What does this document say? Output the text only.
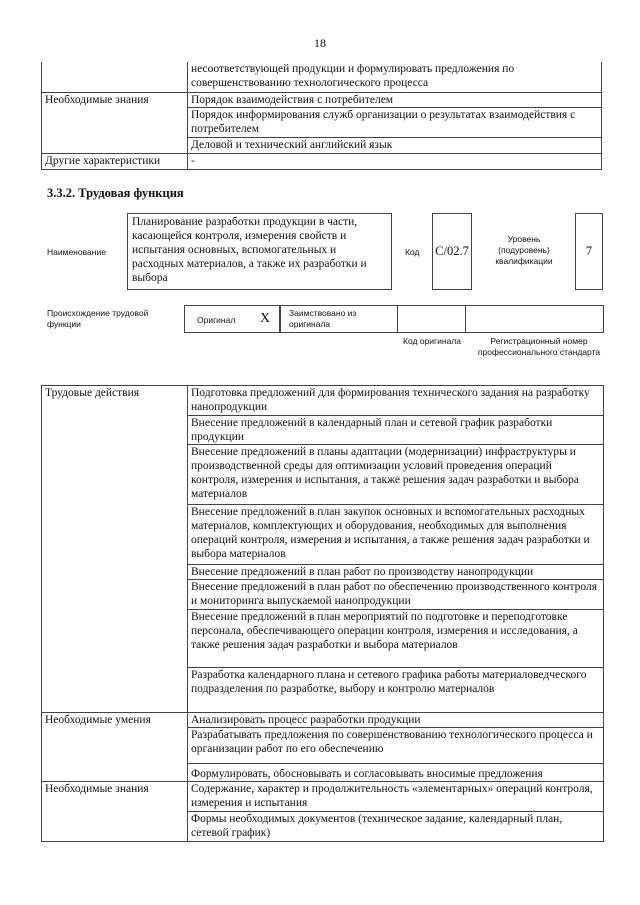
18
	несоответствующей продукции и формулировать предложения по совершенствованию технологического процесса
Необходимые знания	Порядок взаимодействия с потребителем
	Порядок информирования служб организации о результатах взаимодействия с потребителем
	Деловой и технический английский язык
Другие характеристики	-
3.3.2. Трудовая функция
Наименование
Планирование разработки продукции в части, касающейся контроля, измерения свойств и испытания основных, вспомогательных и расходных материалов, а также их разработки и выбора
Код C/02.7
Уровень (подуровень) квалификации
7
Происхождение трудовой функции	Оригинал X Заимствовано из оригинала
Код оригинала	Регистрационный номер профессионального стандарта
Трудовые действия	Подготовка предложений для формирования технического задания на разработку нанопродукции
	Внесение предложений в календарный план и сетевой график разработки продукции
	Внесение предложений в планы адаптации (модернизации) инфраструктуры и производственной среды для оптимизации условий проведения операций контроля, измерения и испытания, а также решения задач разработки и выбора материалов
	Внесение предложений в план закупок основных и вспомогательных расходных материалов, комплектующих и оборудования, необходимых для выполнения операций контроля, измерения и испытания, а также решения задач разработки и выбора материалов
	Внесение предложений в план работ по производству нанопродукции
	Внесение предложений в план работ по обеспечению производственного контроля и мониторинга выпускаемой нанопродукции
	Внесение предложений в план мероприятий по подготовке и переподготовке персонала, обеспечивающего операции контроля, измерения и исследования, а также решения задач разработки и выбора материалов
	Разработка календарного плана и сетевого графика работы материаловедческого подразделения по разработке, выбору и контролю материалов
Необходимые умения	Анализировать процесс разработки продукции
	Разрабатывать предложения по совершенствованию технологического процесса и организации работ по его обеспечению
	Формулировать, обосновывать и согласовывать вносимые предложения
Необходимые знания	Содержание, характер и продолжительность «элементарных» операций контроля, измерения и испытания
	Формы необходимых документов (техническое задание, календарный план, сетевой график)
